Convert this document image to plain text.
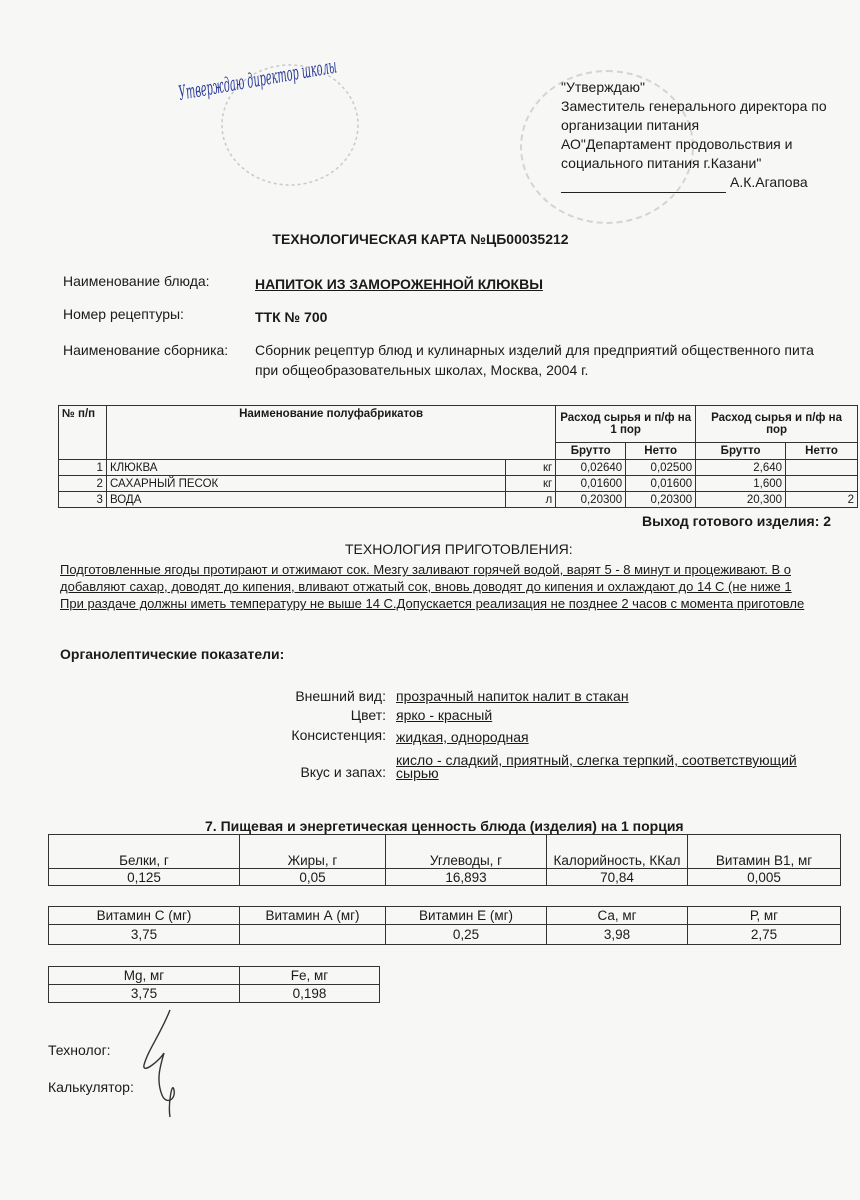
Утверждаю директор школы	"Утверждаю"
Заместитель генерального директора по
организации питания
АО"Департамент продовольствия и
социального питания г.Казани"
А.К.Агапова
ТЕХНОЛОГИЧЕСКАЯ КАРТА №ЦБ00035212
Наименование блюда:	НАПИТОК ИЗ ЗАМОРОЖЕННОЙ КЛЮКВЫ
Номер рецептуры:	ТТК № 700
Наименование сборника: Сборник рецептур блюд и кулинарных изделий для предприятий общественного пита
при общеобразовательных школах, Москва, 2004 г.
№ п/п	Наименование полуфабрикатов		Расход сырья и п/ф на 1 пор		Расход сырья и п/ф на пор	
			Брутто	Нетто	Брутто	Нетто
1	КЛЮКВА	кг	0,02640	0,02500	2,640	
2	САХАРНЫЙ ПЕСОК	кг	0,01600	0,01600	1,600	
3	ВОДА	л	0,20300	0,20300	20,300	2
Выход готового изделия: 2
ТЕХНОЛОГИЯ ПРИГОТОВЛЕНИЯ:
Подготовленные ягоды протирают и отжимают сок. Мезгу заливают горячей водой, варят 5 - 8 минут и процеживают. В о
добавляют сахар, доводят до кипения, вливают отжатый сок, вновь доводят до кипения и охлаждают до 14 С (не ниже 1
При раздаче должны иметь температуру не выше 14 С.Допускается реализация не позднее 2 часов с момента приготовле
Органолептические показатели:
Внешний вид: прозрачный напиток налит в стакан
Цвет: ярко - красный
Консистенция: жидкая, однородная
кисло - сладкий, приятный, слегка терпкий, соответствующий
Вкус и запах: сырью
7. Пищевая и энергетическая ценность блюда (изделия) на 1 порция
Белки, г	Жиры, г	Углеводы, г	Калорийность, ККал	Витамин В1, мг
0,125	0,05	16,893	70,84	0,005
Витамин С (мг)	Витамин А (мг)	Витамин Е (мг)	Са, мг	Р, мг
3,75		0,25	3,98	2,75
Mg, мг	Fe, мг
3,75	0,198
Технолог:
Калькулятор:
